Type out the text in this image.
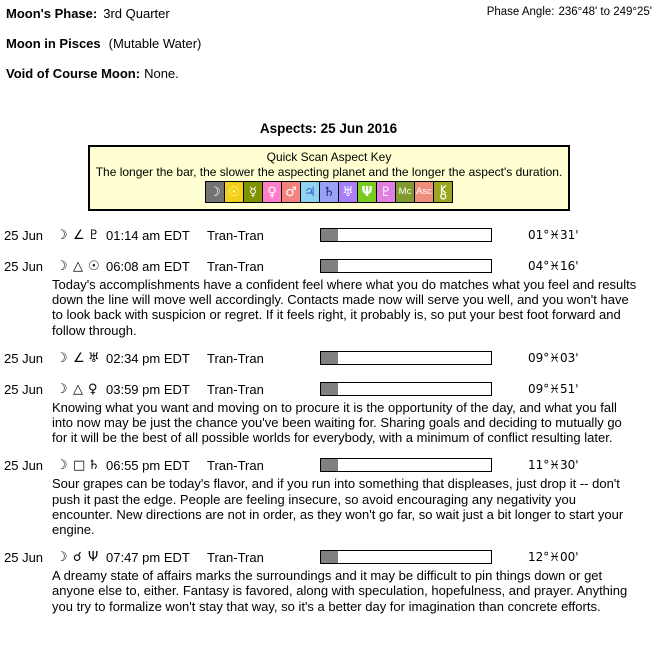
Moon's Phase: 3rd Quarter	Phase Angle: 236°48' to 249°25'
Moon in Pisces (Mutable Water)
Void of Course Moon: None.
Aspects: 25 Jun 2016
Quick Scan Aspect Key
The longer the bar, the slower the aspecting planet and the longer the aspect's duration.
☽ ☉ ☿ ♀ ♂ ♃ ♄ ♅ Ψ ♇ Mc Asc
25 Jun ☽ ∠ ♇ 01:14 am EDT Tran-Tran	01°♓31'
25 Jun ☽ △ ☉ 06:08 am EDT Tran-Tran	04°♓16'

Today's accomplishments have a confident feel where what you do matches what you feel and results down the line will move well accordingly. Contacts made now will serve you well, and you won't have to look back with suspicion or regret. If it feels right, it probably is, so put your best foot forward and follow through.

25 Jun ☽ ∠ ♅ 02:34 pm EDT Tran-Tran	09°♓03'
25 Jun ☽ △ ♀ 03:59 pm EDT Tran-Tran	09°♓51'

Knowing what you want and moving on to procure it is the opportunity of the day, and what you fall into now may be just the chance you've been waiting for. Sharing goals and deciding to mutually go for it will be the best of all possible worlds for everybody, with a minimum of conflict resulting later.

25 Jun ☽ □ ♄ 06:55 pm EDT Tran-Tran	11°♓30'

Sour grapes can be today's flavor, and if you run into something that displeases, just drop it -- don't push it past the edge. People are feeling insecure, so avoid encouraging any negativity you encounter. New directions are not in order, as they won't go far, so wait just a bit longer to start your engine.

25 Jun ☽ ☌ Ψ 07:47 pm EDT Tran-Tran	12°♓00'

A dreamy state of affairs marks the surroundings and it may be difficult to pin things down or get anyone else to, either. Fantasy is favored, along with speculation, hopefulness, and prayer. Anything you try to formalize won't stay that way, so it's a better day for imagination than concrete efforts.
